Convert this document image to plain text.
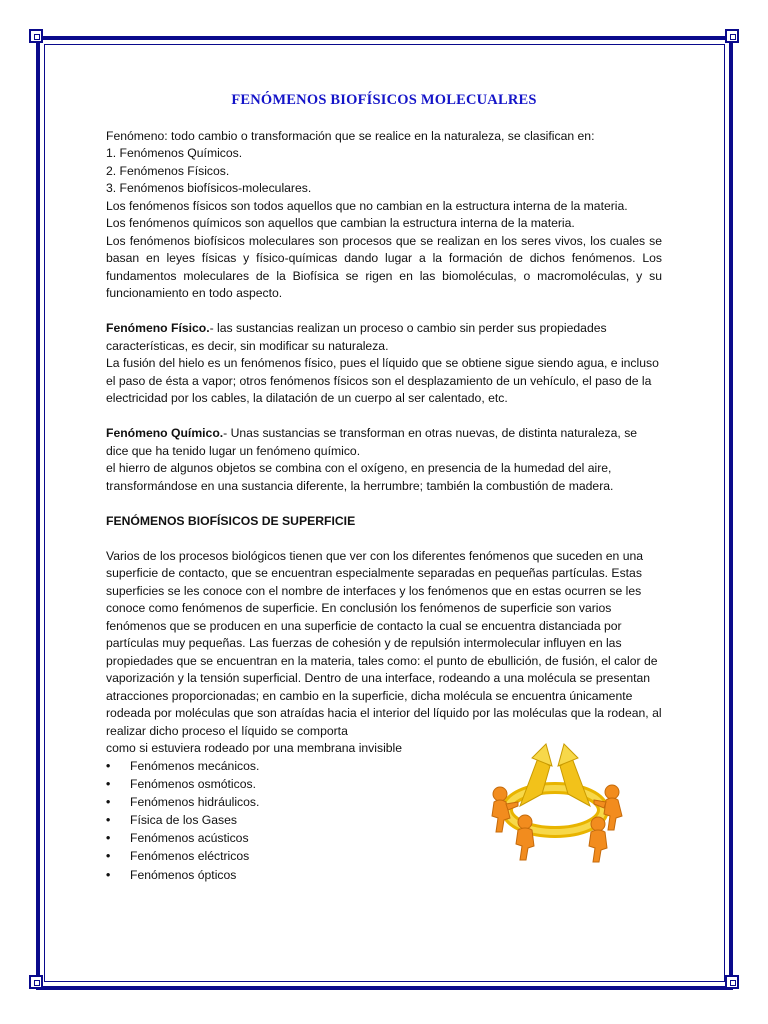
FENÓMENOS BIOFÍSICOS MOLECUALRES

Fenómeno: todo cambio o transformación que se realice en la naturaleza, se clasifican en:

1. Fenómenos Químicos.

2. Fenómenos Físicos.

3. Fenómenos biofísicos-moleculares.

Los fenómenos físicos son todos aquellos que no cambian en la estructura interna de la materia.

Los fenómenos químicos son aquellos que cambian la estructura interna de la materia.

Los fenómenos biofísicos moleculares son procesos que se realizan en los seres vivos, los cuales se basan en leyes físicas y físico-químicas dando lugar a la formación de dichos fenómenos. Los fundamentos moleculares de la Biofísica se rigen en las biomoléculas, o macromoléculas, y su funcionamiento en todo aspecto.

Fenómeno Físico.- las sustancias realizan un proceso o cambio sin perder sus propiedades características, es decir, sin modificar su naturaleza.

La fusión del hielo es un fenómenos físico, pues el líquido que se obtiene sigue siendo agua, e incluso el paso de ésta a vapor; otros fenómenos físicos son el desplazamiento de un vehículo, el paso de la electricidad por los cables, la dilatación de un cuerpo al ser calentado, etc.

Fenómeno Químico.- Unas sustancias se transforman en otras nuevas, de distinta naturaleza, se dice que ha tenido lugar un fenómeno químico.

el hierro de algunos objetos se combina con el oxígeno, en presencia de la humedad del aire, transformándose en una sustancia diferente, la herrumbre; también la combustión de madera.

FENÓMENOS BIOFÍSICOS DE SUPERFICIE

Varios de los procesos biológicos tienen que ver con los diferentes fenómenos que suceden en una superficie de contacto, que se encuentran especialmente separadas en pequeñas partículas. Estas superficies se les conoce con el nombre de interfaces y los fenómenos que en estas ocurren se les conoce como fenómenos de superficie. En conclusión los fenómenos de superficie son varios fenómenos que se producen en una superficie de contacto la cual se encuentra distanciada por partículas muy pequeñas. Las fuerzas de cohesión y de repulsión intermolecular influyen en las propiedades que se encuentran en la materia, tales como: el punto de ebullición, de fusión, el calor de vaporización y la tensión superficial. Dentro de una interface, rodeando a una molécula se presentan atracciones proporcionadas; en cambio en la superficie, dicha molécula se encuentra únicamente rodeada por moléculas que son atraídas hacia el interior del líquido por las moléculas que la rodean, al realizar dicho proceso el líquido se comporta

como si estuviera rodeado por una membrana invisible

• Fenómenos mecánicos.
• Fenómenos osmóticos.
• Fenómenos hidráulicos.
• Física de los Gases
• Fenómenos acústicos
• Fenómenos eléctricos
• Fenómenos ópticos
